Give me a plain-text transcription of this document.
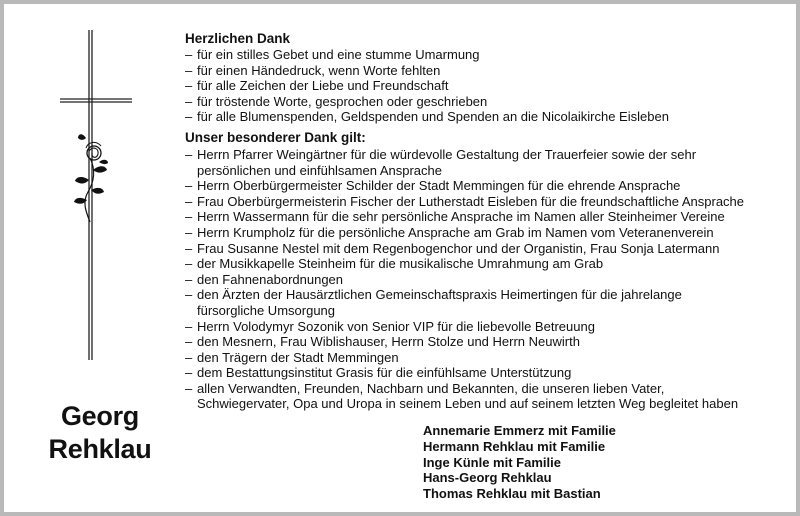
Georg
Rehklau

Herzlichen Dank

– für ein stilles Gebet und eine stumme Umarmung
– für einen Händedruck, wenn Worte fehlten
– für alle Zeichen der Liebe und Freundschaft
– für tröstende Worte, gesprochen oder geschrieben
– für alle Blumenspenden, Geldspenden und Spenden an die Nicolaikirche Eisleben

Unser besonderer Dank gilt:

– Herrn Pfarrer Weingärtner für die würdevolle Gestaltung der Trauerfeier sowie der sehr
persönlichen und einfühlsamen Ansprache
– Herrn Oberbürgermeister Schilder der Stadt Memmingen für die ehrende Ansprache
– Frau Oberbürgermeisterin Fischer der Lutherstadt Eisleben für die freundschaftliche Ansprache
– Herrn Wassermann für die sehr persönliche Ansprache im Namen aller Steinheimer Vereine
– Herrn Krumpholz für die persönliche Ansprache am Grab im Namen vom Veteranenverein
– Frau Susanne Nestel mit dem Regenbogenchor und der Organistin, Frau Sonja Latermann
– der Musikkapelle Steinheim für die musikalische Umrahmung am Grab
– den Fahnenabordnungen
– den Ärzten der Hausärztlichen Gemeinschaftspraxis Heimertingen für die jahrelange
fürsorgliche Umsorgung
– Herrn Volodymyr Sozonik von Senior VIP für die liebevolle Betreuung
– den Mesnern, Frau Wiblishauser, Herrn Stolze und Herrn Neuwirth
– den Trägern der Stadt Memmingen
– dem Bestattungsinstitut Grasis für die einfühlsame Unterstützung
– allen Verwandten, Freunden, Nachbarn und Bekannten, die unseren lieben Vater,
Schwiegervater, Opa und Uropa in seinem Leben und auf seinem letzten Weg begleitet haben
Annemarie Emmerz mit Familie
Hermann Rehklau mit Familie
Inge Künle mit Familie
Hans-Georg Rehklau
Thomas Rehklau mit Bastian
